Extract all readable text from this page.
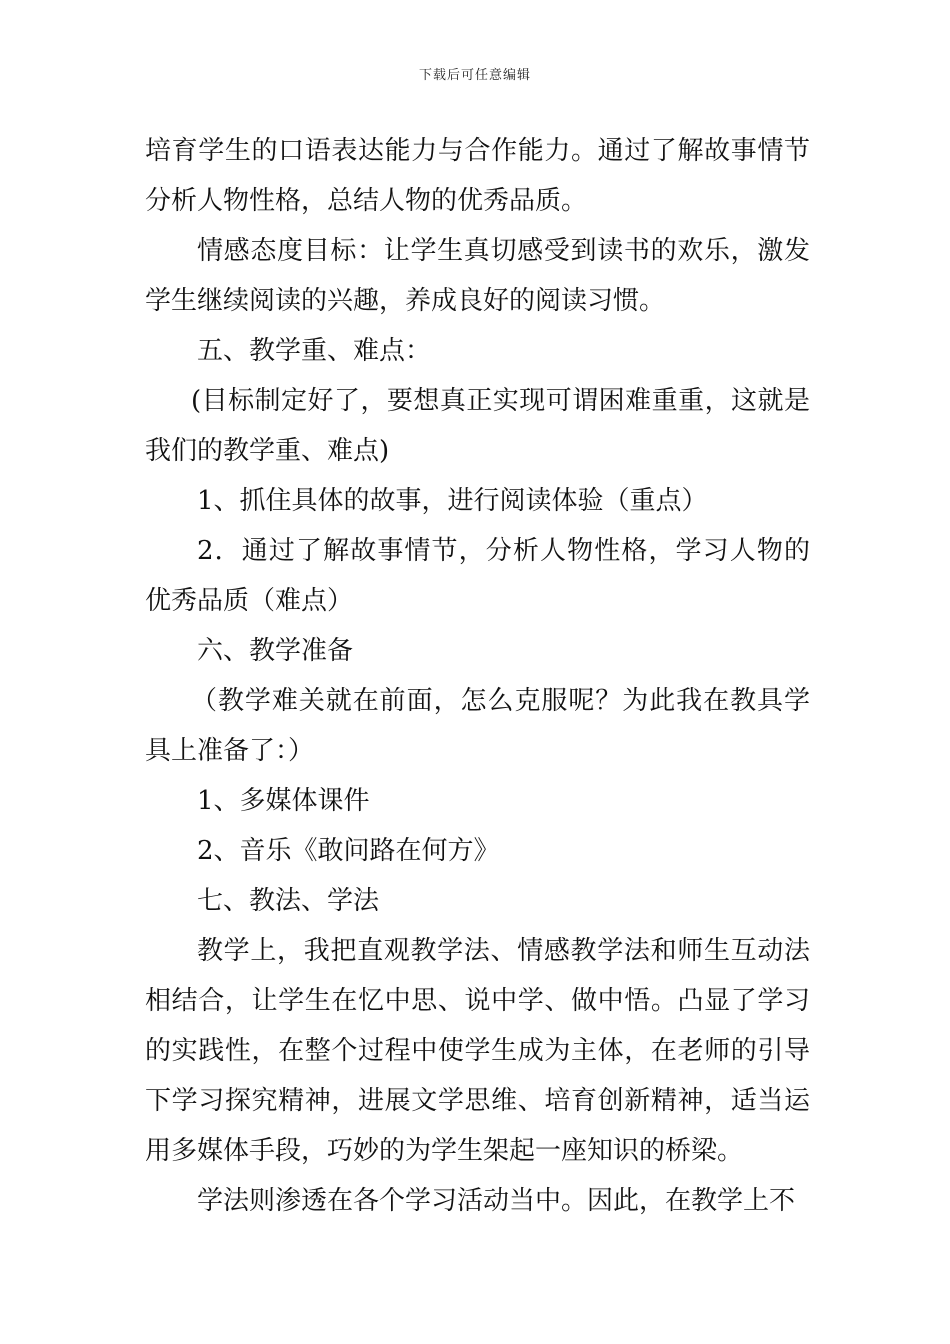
下载后可任意编辑

培育学生的口语表达能力与合作能力。通过了解故事情节分析人物性格，总结人物的优秀品质。

情感态度目标：让学生真切感受到读书的欢乐，激发学生继续阅读的兴趣，养成良好的阅读习惯。

五、教学重、难点：

(目标制定好了，要想真正实现可谓困难重重，这就是我们的教学重、难点)

1、抓住具体的故事，进行阅读体验（重点）

2．通过了解故事情节，分析人物性格，学习人物的优秀品质（难点）

六、教学准备

（教学难关就在前面，怎么克服呢？为此我在教具学具上准备了：）

1、多媒体课件

2、音乐《敢问路在何方》

七、教法、学法

教学上，我把直观教学法、情感教学法和师生互动法相结合，让学生在忆中思、说中学、做中悟。凸显了学习的实践性，在整个过程中使学生成为主体，在老师的引导下学习探究精神，进展文学思维、培育创新精神，适当运用多媒体手段，巧妙的为学生架起一座知识的桥梁。

学法则渗透在各个学习活动当中。因此，在教学上不
